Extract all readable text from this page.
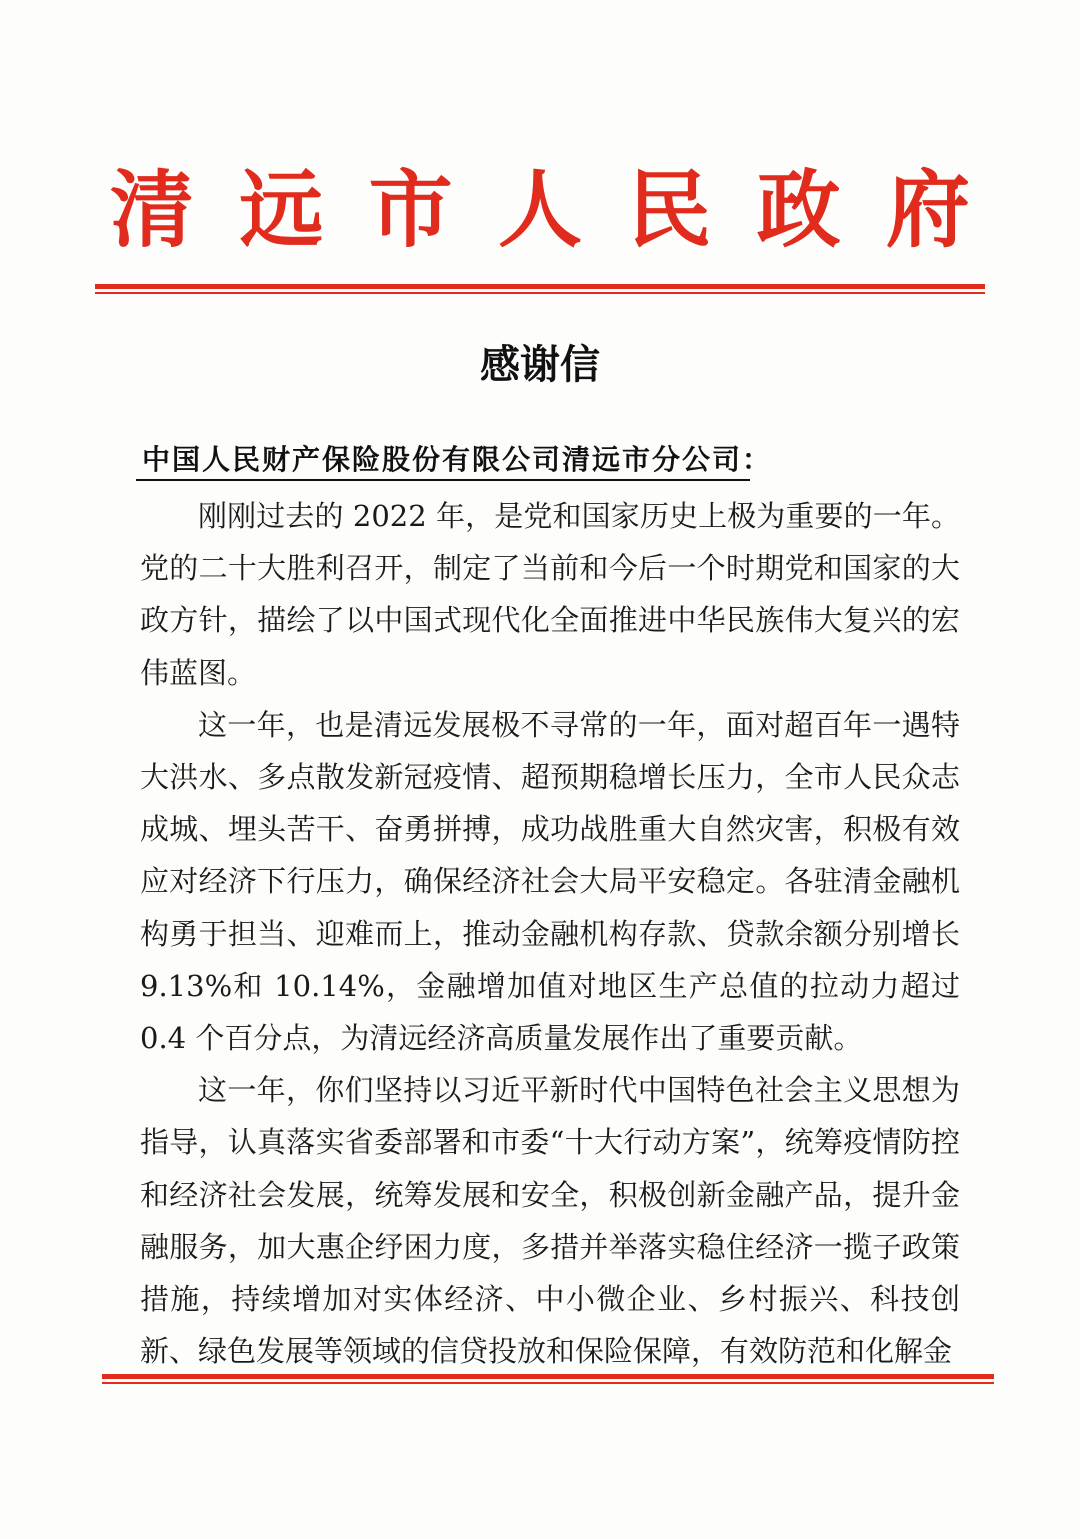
清 远 市 人 民 政 府
感谢信
中国人民财产保险股份有限公司清远市分公司：

刚刚过去的 2022 年，是党和国家历史上极为重要的一年。党的二十大胜利召开，制定了当前和今后一个时期党和国家的大政方针，描绘了以中国式现代化全面推进中华民族伟大复兴的宏伟蓝图。

这一年，也是清远发展极不寻常的一年，面对超百年一遇特大洪水、多点散发新冠疫情、超预期稳增长压力，全市人民众志成城、埋头苦干、奋勇拼搏，成功战胜重大自然灾害，积极有效应对经济下行压力，确保经济社会大局平安稳定。各驻清金融机构勇于担当、迎难而上，推动金融机构存款、贷款余额分别增长9.13%和 10.14%，金融增加值对地区生产总值的拉动力超过 0.4 个百分点，为清远经济高质量发展作出了重要贡献。

这一年，你们坚持以习近平新时代中国特色社会主义思想为指导，认真落实省委部署和市委“十大行动方案”，统筹疫情防控和经济社会发展，统筹发展和安全，积极创新金融产品，提升金融服务，加大惠企纾困力度，多措并举落实稳住经济一揽子政策措施，持续增加对实体经济、中小微企业、乡村振兴、科技创新、绿色发展等领域的信贷投放和保险保障，有效防范和化解金
